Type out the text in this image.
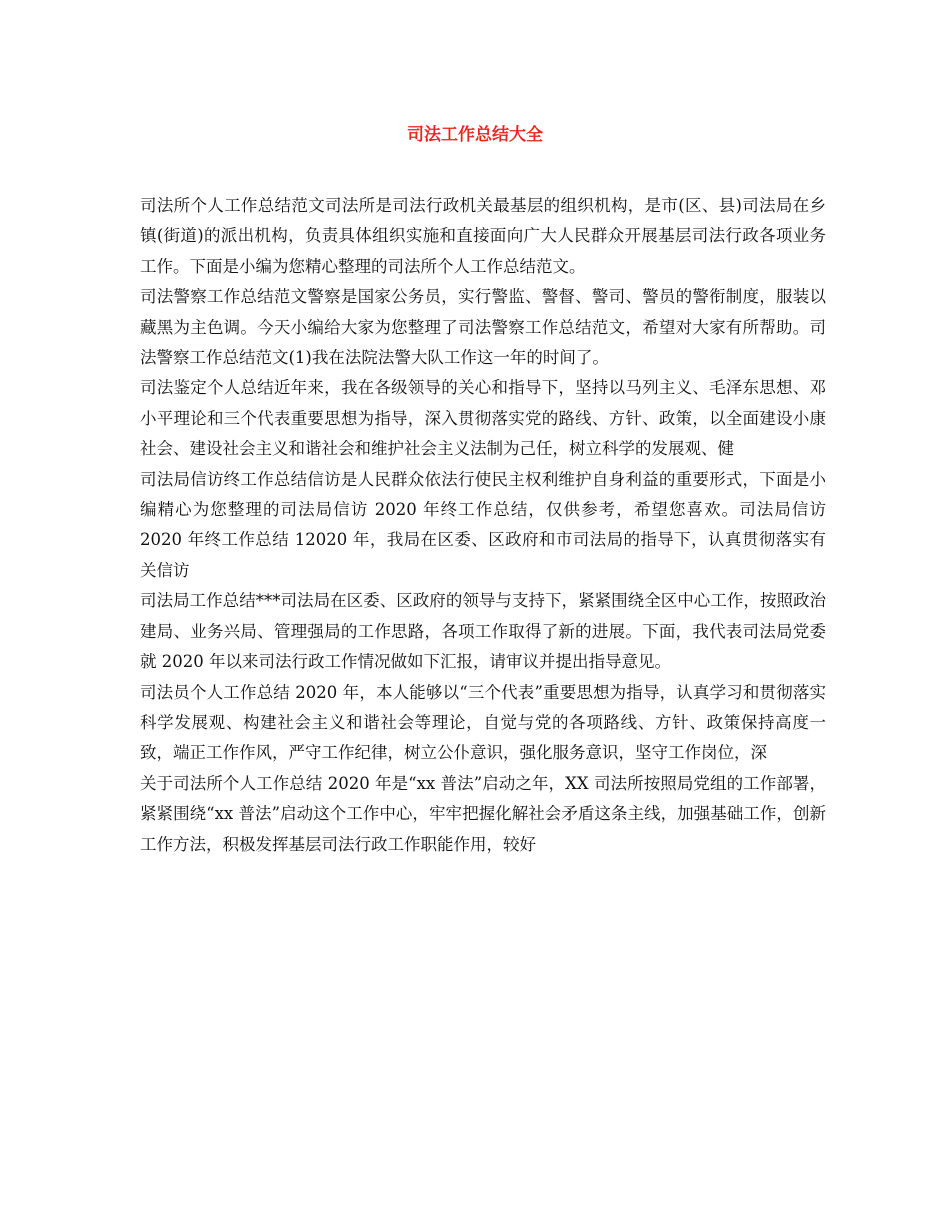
司法工作总结大全

司法所个人工作总结范文司法所是司法行政机关最基层的组织机构，是市(区、县)司法局在乡镇(街道)的派出机构，负责具体组织实施和直接面向广大人民群众开展基层司法行政各项业务工作。下面是小编为您精心整理的司法所个人工作总结范文。

司法警察工作总结范文警察是国家公务员，实行警监、警督、警司、警员的警衔制度，服装以藏黑为主色调。今天小编给大家为您整理了司法警察工作总结范文，希望对大家有所帮助。司法警察工作总结范文(1)我在法院法警大队工作这一年的时间了。

司法鉴定个人总结近年来，我在各级领导的关心和指导下，坚持以马列主义、毛泽东思想、邓小平理论和三个代表重要思想为指导，深入贯彻落实党的路线、方针、政策，以全面建设小康社会、建设社会主义和谐社会和维护社会主义法制为己任，树立科学的发展观、健

司法局信访终工作总结信访是人民群众依法行使民主权利维护自身利益的重要形式，下面是小编精心为您整理的司法局信访 2020 年终工作总结，仅供参考，希望您喜欢。司法局信访 2020 年终工作总结 12020 年，我局在区委、区政府和市司法局的指导下，认真贯彻落实有关信访

司法局工作总结***司法局在区委、区政府的领导与支持下，紧紧围绕全区中心工作，按照政治建局、业务兴局、管理强局的工作思路，各项工作取得了新的进展。下面，我代表司法局党委就 2020 年以来司法行政工作情况做如下汇报，请审议并提出指导意见。

司法员个人工作总结 2020 年，本人能够以“三个代表”重要思想为指导，认真学习和贯彻落实科学发展观、构建社会主义和谐社会等理论，自觉与党的各项路线、方针、政策保持高度一致，端正工作作风，严守工作纪律，树立公仆意识，强化服务意识，坚守工作岗位，深

关于司法所个人工作总结 2020 年是“xx 普法”启动之年，XX 司法所按照局党组的工作部署，紧紧围绕“xx 普法”启动这个工作中心，牢牢把握化解社会矛盾这条主线，加强基础工作，创新工作方法，积极发挥基层司法行政工作职能作用，较好
